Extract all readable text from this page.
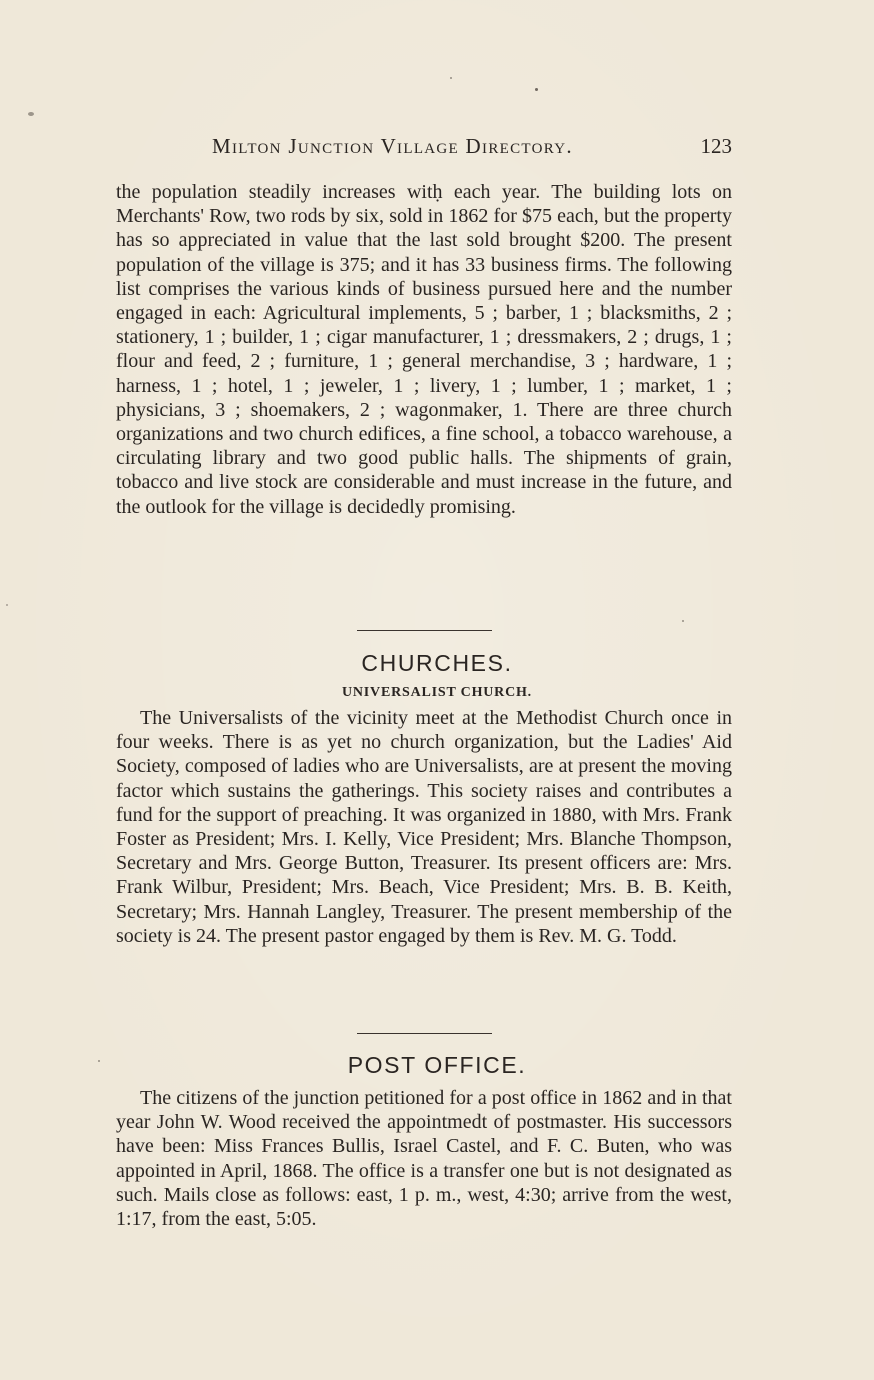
Milton Junction Village Directory.	123

the population steadily increases witḥ each year. The building lots on Merchants' Row, two rods by six, sold in 1862 for $75 each, but the property has so appreciated in value that the last sold brought $200. The present population of the village is 375; and it has 33 business firms. The following list comprises the various kinds of business pursued here and the number engaged in each: Agricultural implements, 5 ; barber, 1 ; blacksmiths, 2 ; stationery, 1 ; builder, 1 ; cigar manufacturer, 1 ; dressmakers, 2 ; drugs, 1 ; flour and feed, 2 ; furniture, 1 ; general merchandise, 3 ; hardware, 1 ; harness, 1 ; hotel, 1 ; jeweler, 1 ; livery, 1 ; lumber, 1 ; market, 1 ; physicians, 3 ; shoemakers, 2 ; wagonmaker, 1. There are three church organizations and two church edifices, a fine school, a tobacco warehouse, a circulating library and two good public halls. The shipments of grain, tobacco and live stock are considerable and must increase in the future, and the outlook for the village is decidedly promising.

CHURCHES.
UNIVERSALIST CHURCH.

The Universalists of the vicinity meet at the Methodist Church once in four weeks. There is as yet no church organization, but the Ladies' Aid Society, composed of ladies who are Universalists, are at present the moving factor which sustains the gatherings. This society raises and contributes a fund for the support of preaching. It was organized in 1880, with Mrs. Frank Foster as President; Mrs. I. Kelly, Vice President; Mrs. Blanche Thompson, Secretary and Mrs. George Button, Treasurer. Its present officers are: Mrs. Frank Wilbur, President; Mrs. Beach, Vice President; Mrs. B. B. Keith, Secretary; Mrs. Hannah Langley, Treasurer. The present membership of the society is 24. The present pastor engaged by them is Rev. M. G. Todd.

POST OFFICE.

The citizens of the junction petitioned for a post office in 1862 and in that year John W. Wood received the appointmedt of postmaster. His successors have been: Miss Frances Bullis, Israel Castel, and F. C. Buten, who was appointed in April, 1868. The office is a transfer one but is not designated as such. Mails close as follows: east, 1 p. m., west, 4:30; arrive from the west, 1:17, from the east, 5:05.
